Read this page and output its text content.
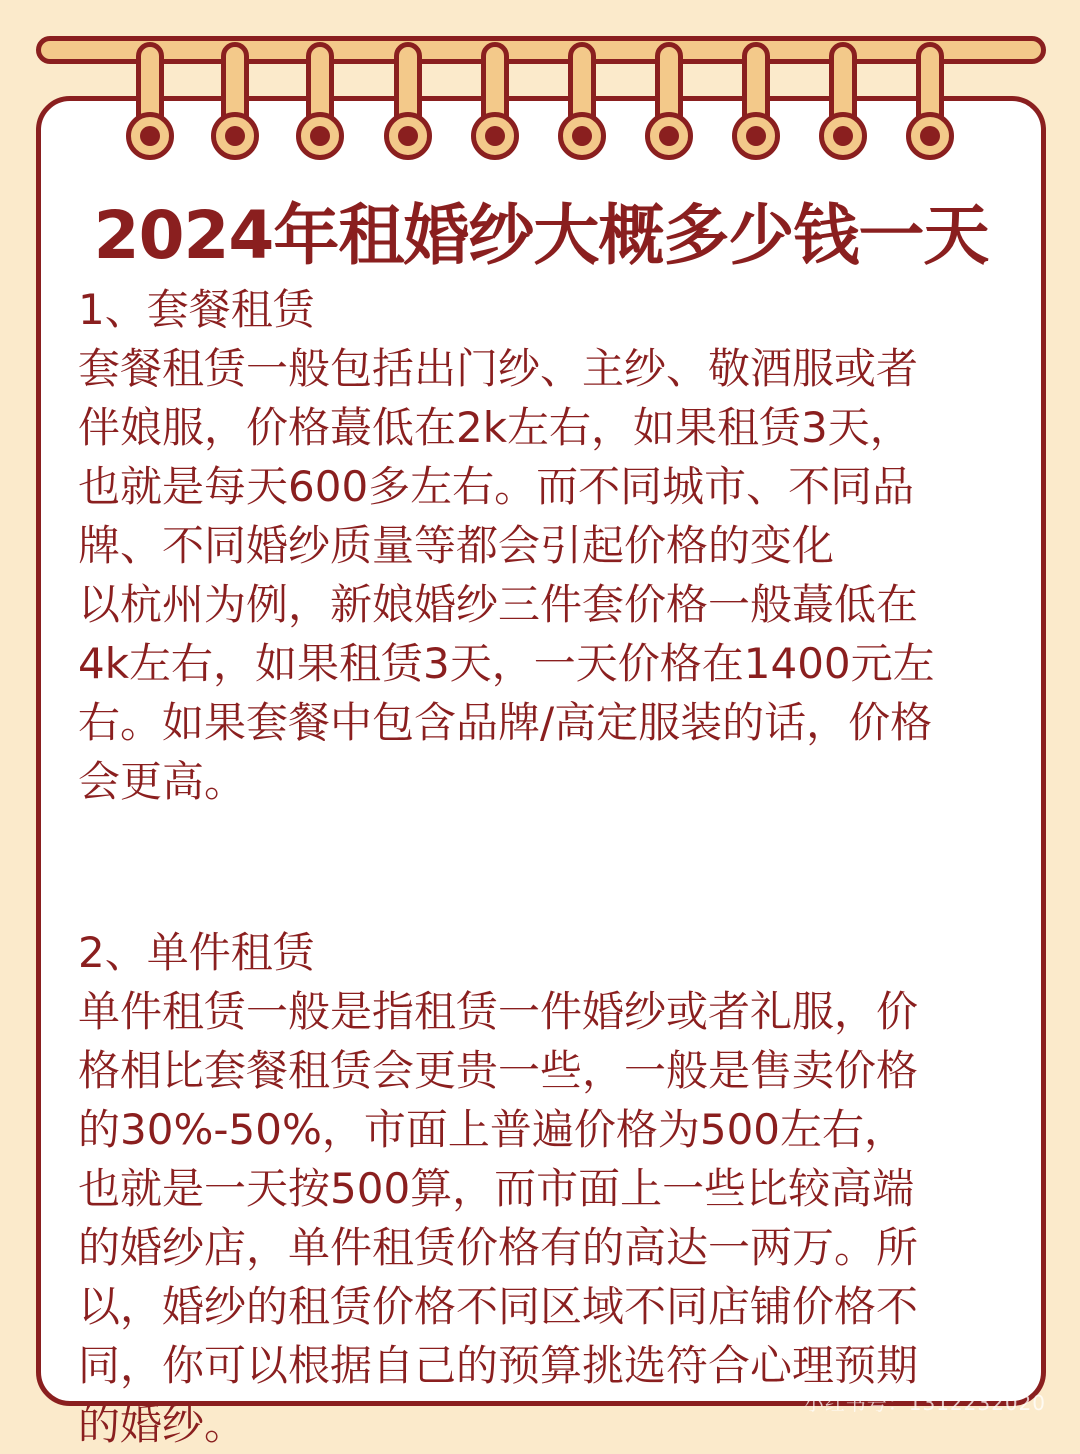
2024年租婚纱大概多少钱一天

1、套餐租赁

套餐租赁一般包括出门纱、主纱、敬酒服或者

伴娘服，价格蕞低在2k左右，如果租赁3天，

也就是每天600多左右。而不同城市、不同品

牌、不同婚纱质量等都会引起价格的变化

以杭州为例，新娘婚纱三件套价格一般蕞低在

4k左右，如果租赁3天，一天价格在1400元左

右。如果套餐中包含品牌/高定服装的话，价格

会更高。

2、单件租赁

单件租赁一般是指租赁一件婚纱或者礼服，价

格相比套餐租赁会更贵一些，一般是售卖价格

的30%-50%，市面上普遍价格为500左右，

也就是一天按500算，而市面上一些比较高端

的婚纱店，单件租赁价格有的高达一两万。所

以，婚纱的租赁价格不同区域不同店铺价格不

同，你可以根据自己的预算挑选符合心理预期

的婚纱。	小红书号：1312232020
